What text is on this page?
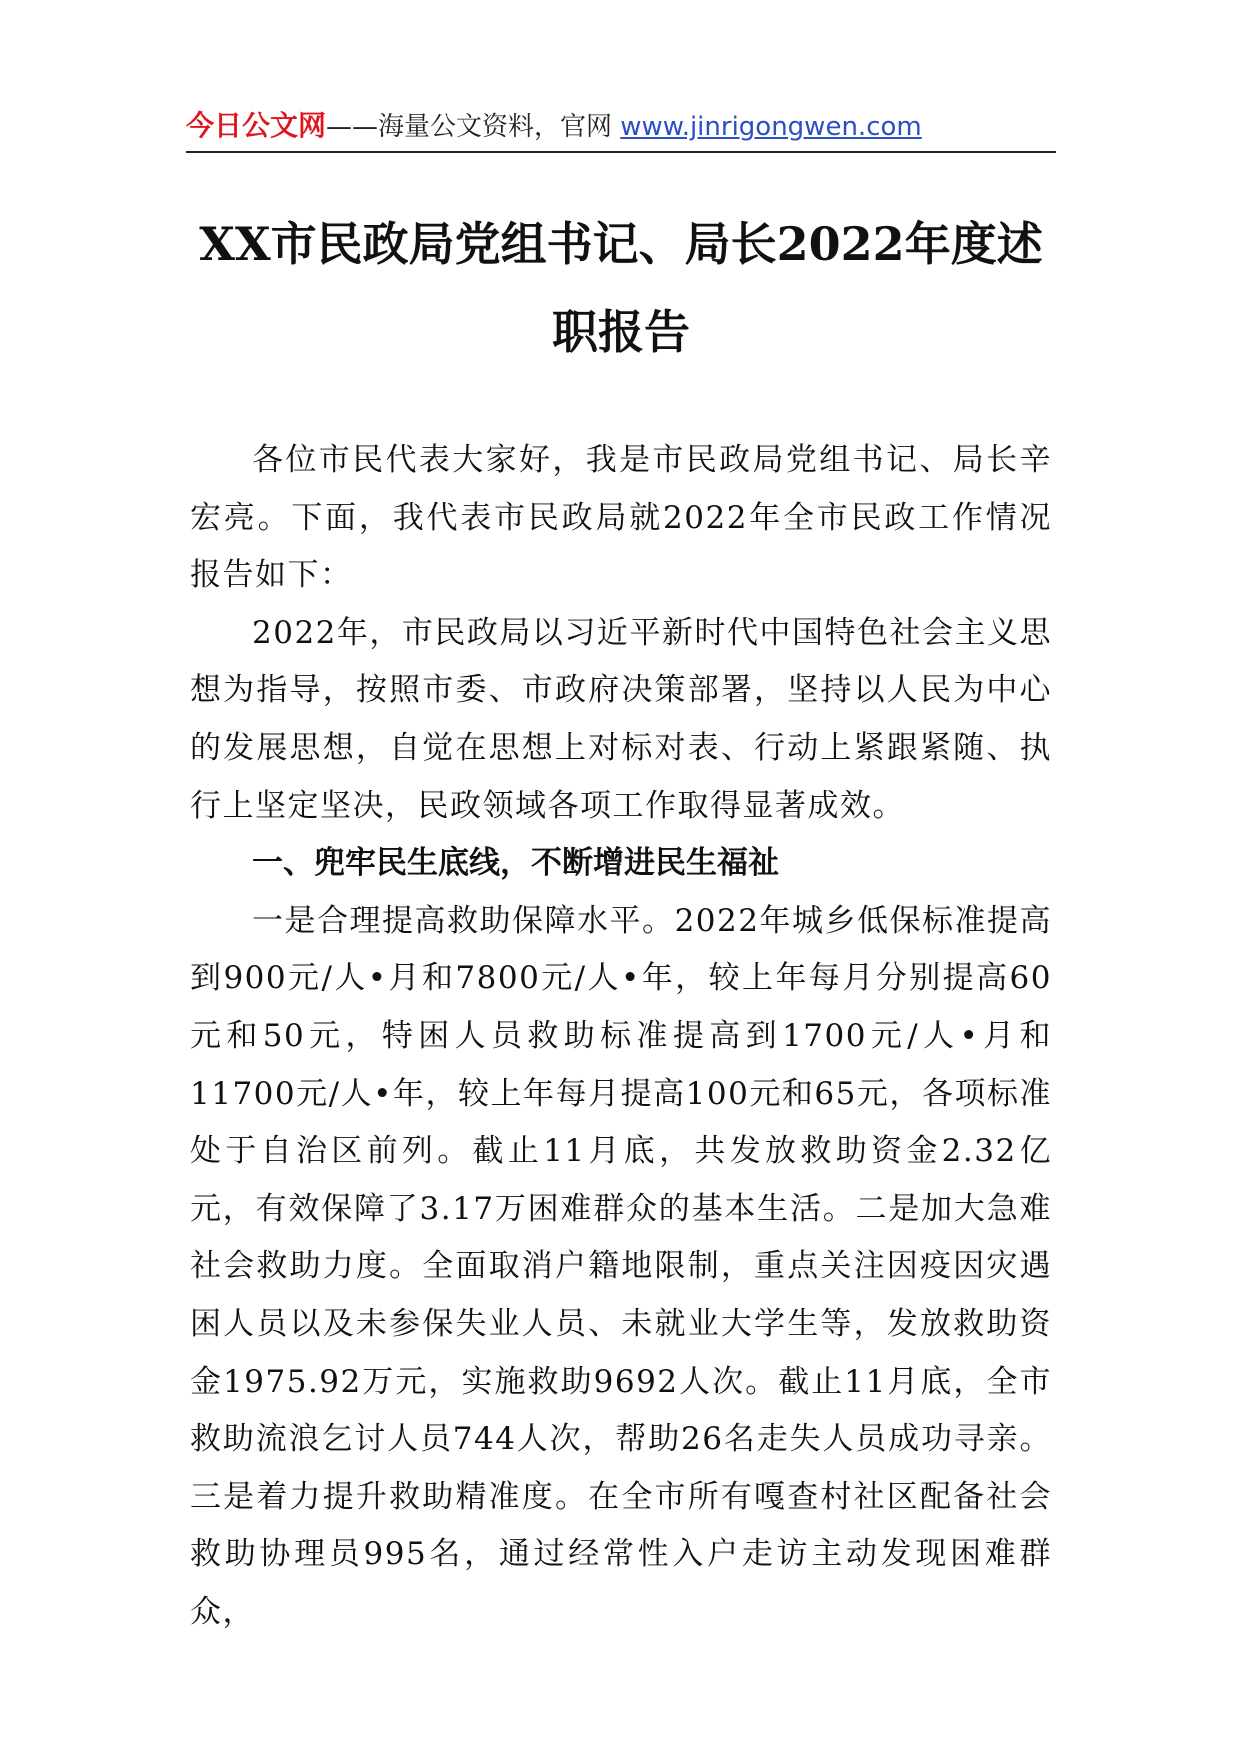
今日公文网——海量公文资料，官网 www.jinrigongwen.com
XX市民政局党组书记、局长2022年度述职报告

各位市民代表大家好，我是市民政局党组书记、局长辛宏亮。下面，我代表市民政局就2022年全市民政工作情况报告如下：

2022年，市民政局以习近平新时代中国特色社会主义思想为指导，按照市委、市政府决策部署，坚持以人民为中心的发展思想，自觉在思想上对标对表、行动上紧跟紧随、执行上坚定坚决，民政领域各项工作取得显著成效。

一、兜牢民生底线，不断增进民生福祉

一是合理提高救助保障水平。2022年城乡低保标准提高到900元/人•月和7800元/人•年，较上年每月分别提高60元和50元，特困人员救助标准提高到1700元/人•月和11700元/人•年，较上年每月提高100元和65元，各项标准处于自治区前列。截止11月底，共发放救助资金2.32亿元，有效保障了3.17万困难群众的基本生活。二是加大急难社会救助力度。全面取消户籍地限制，重点关注因疫因灾遇困人员以及未参保失业人员、未就业大学生等，发放救助资金1975.92万元，实施救助9692人次。截止11月底，全市救助流浪乞讨人员744人次，帮助26名走失人员成功寻亲。三是着力提升救助精准度。在全市所有嘎查村社区配备社会救助协理员995名，通过经常性入户走访主动发现困难群众，
